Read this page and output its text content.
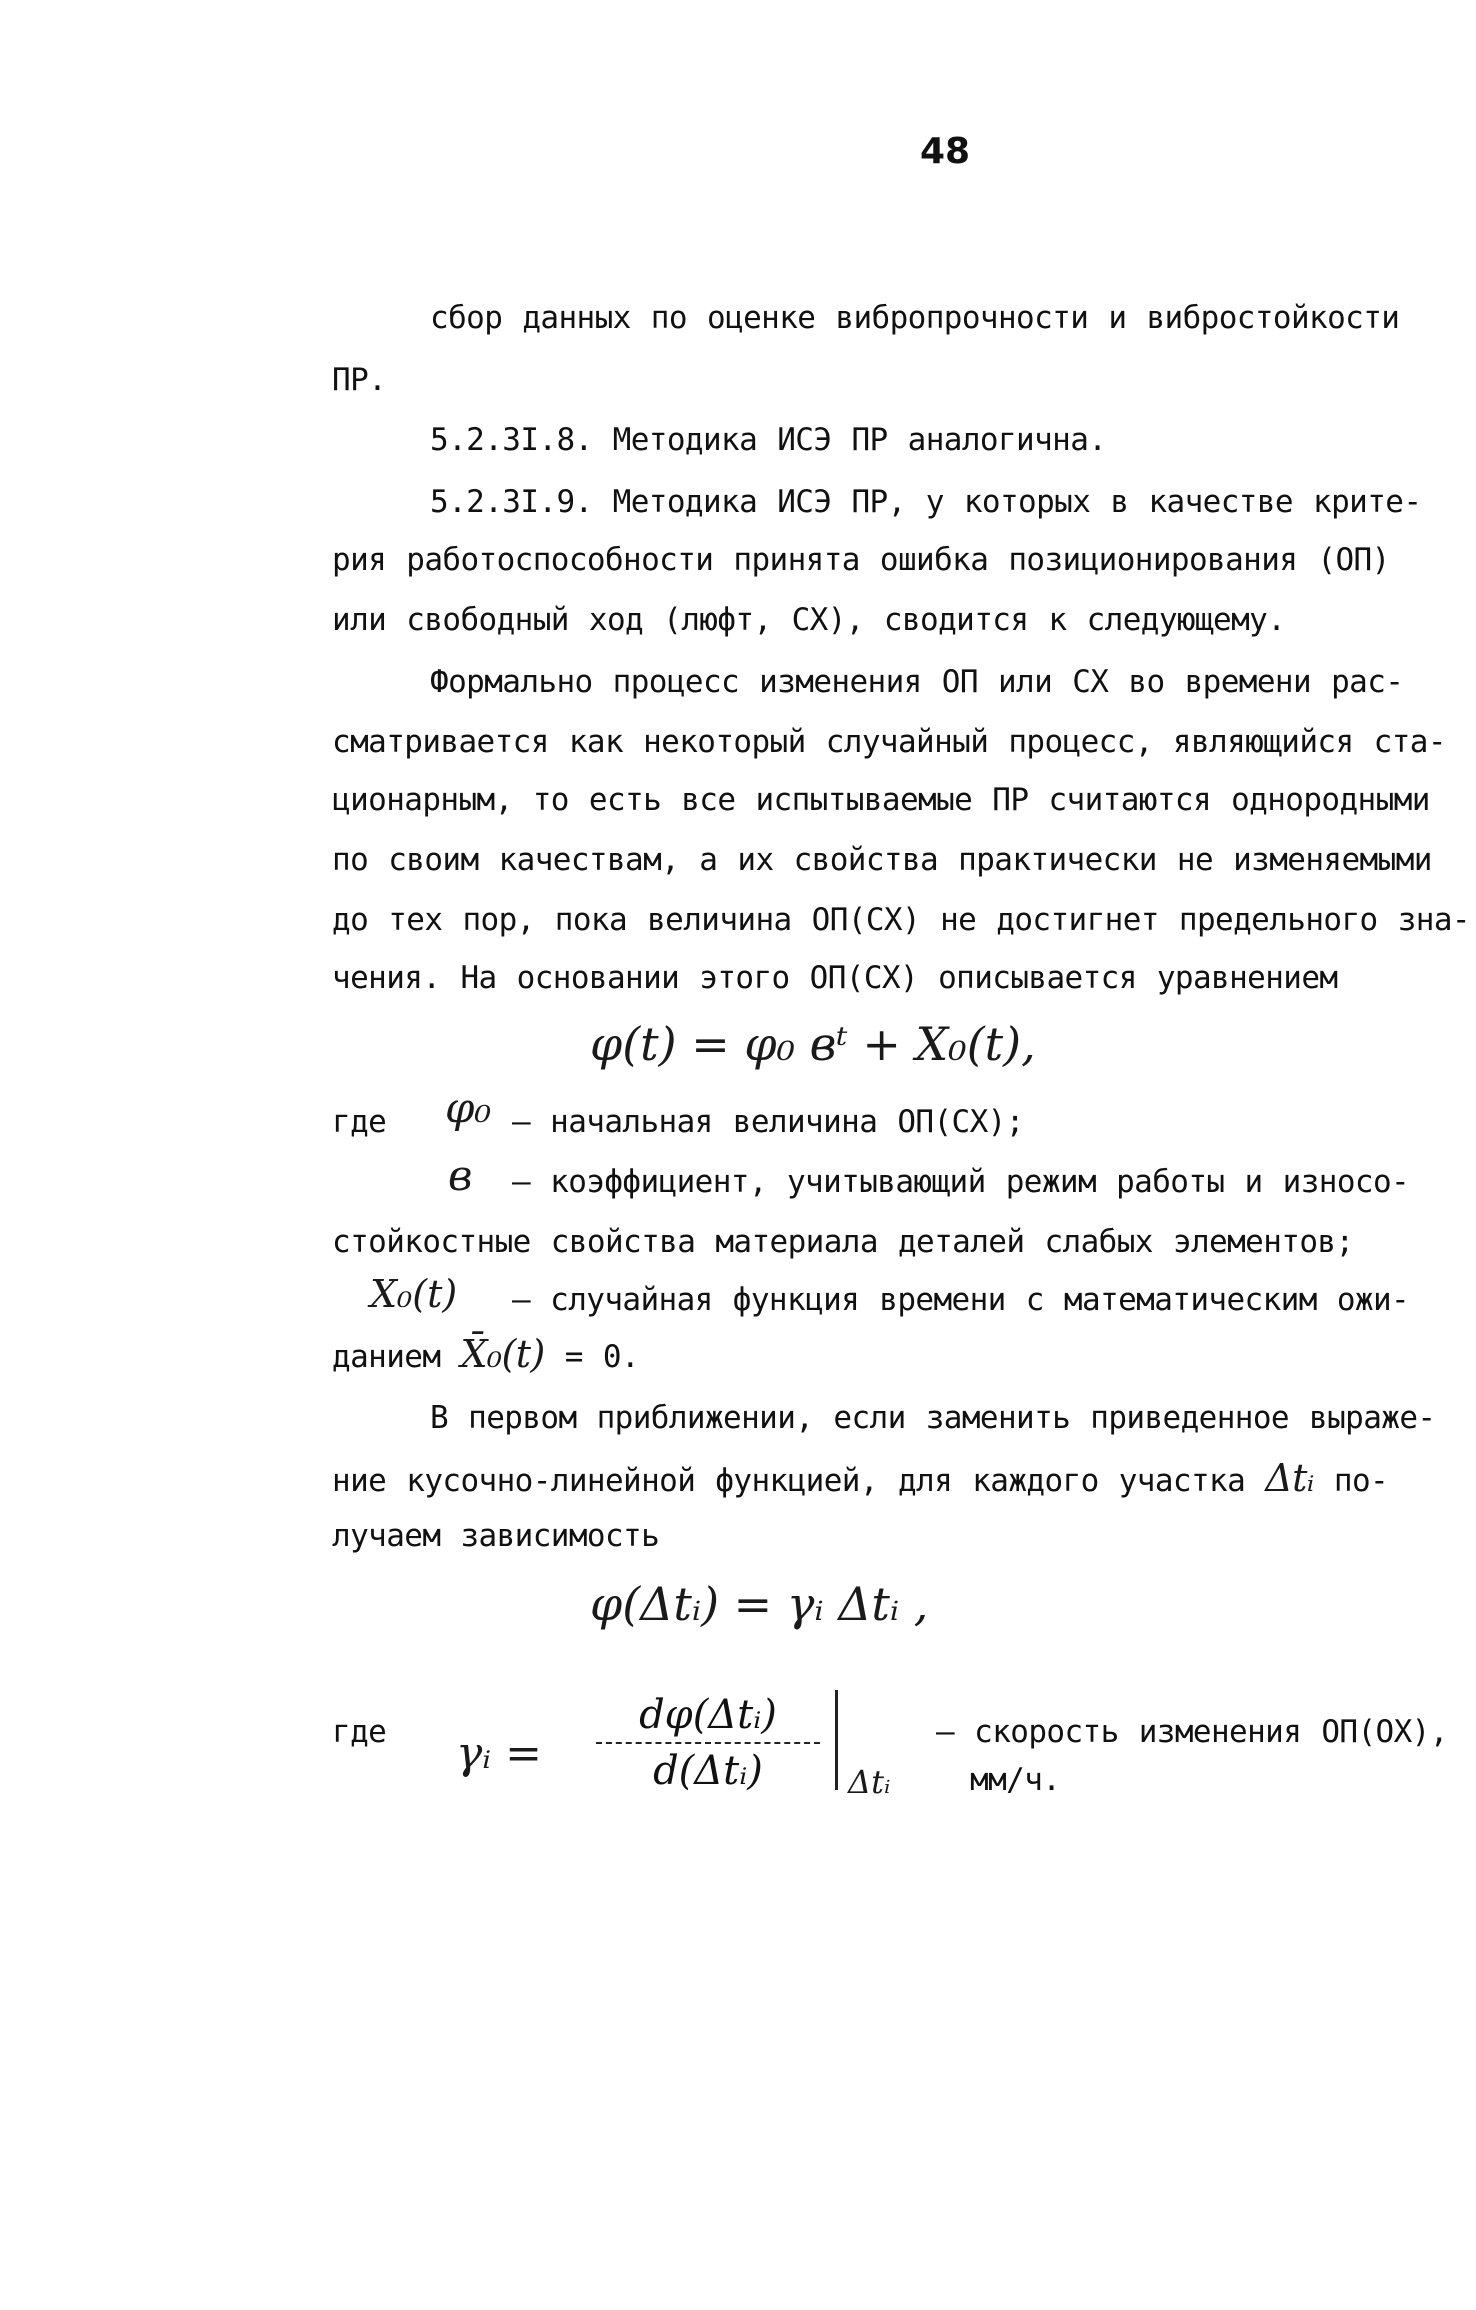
48
сбор данных по оценке вибропрочности и вибростойкости
ПР.
5.2.3I.8. Методика ИСЭ ПР аналогична.
5.2.3I.9. Методика ИСЭ ПР, у которых в качестве крите-
рия работоспособности принята ошибка позиционирования (ОП)
или свободный ход (люфт, СХ), сводится к следующему.
Формально процесс изменения ОП или СХ во времени рас-
сматривается как некоторый случайный процесс, являющийся ста-
ционарным, то есть все испытываемые ПР считаются однородными
по своим качествам, а их свойства практически не изменяемыми
до тех пор, пока величина ОП(СХ) не достигнет предельного зна-
чения. На основании этого ОП(СХ) описывается уравнением
φ(t) = φ₀ вᵗ + X₀(t),
где φ₀ – начальная величина ОП(СХ);
в – коэффициент, учитывающий режим работы и износо-
стойкостные свойства материала деталей слабых элементов;
X₀(t) – случайная функция времени с математическим ожи-
данием X̄₀(t) = 0.
В первом приближении, если заменить приведенное выраже-
ние кусочно-линейной функцией, для каждого участка Δtᵢ по-
лучаем зависимость
φ(Δtᵢ) = γᵢ Δtᵢ ,
где γᵢ =
dφ(Δtᵢ)
d(Δtᵢ)	Δtᵢ
– скорость изменения ОП(ОХ),
мм/ч.
